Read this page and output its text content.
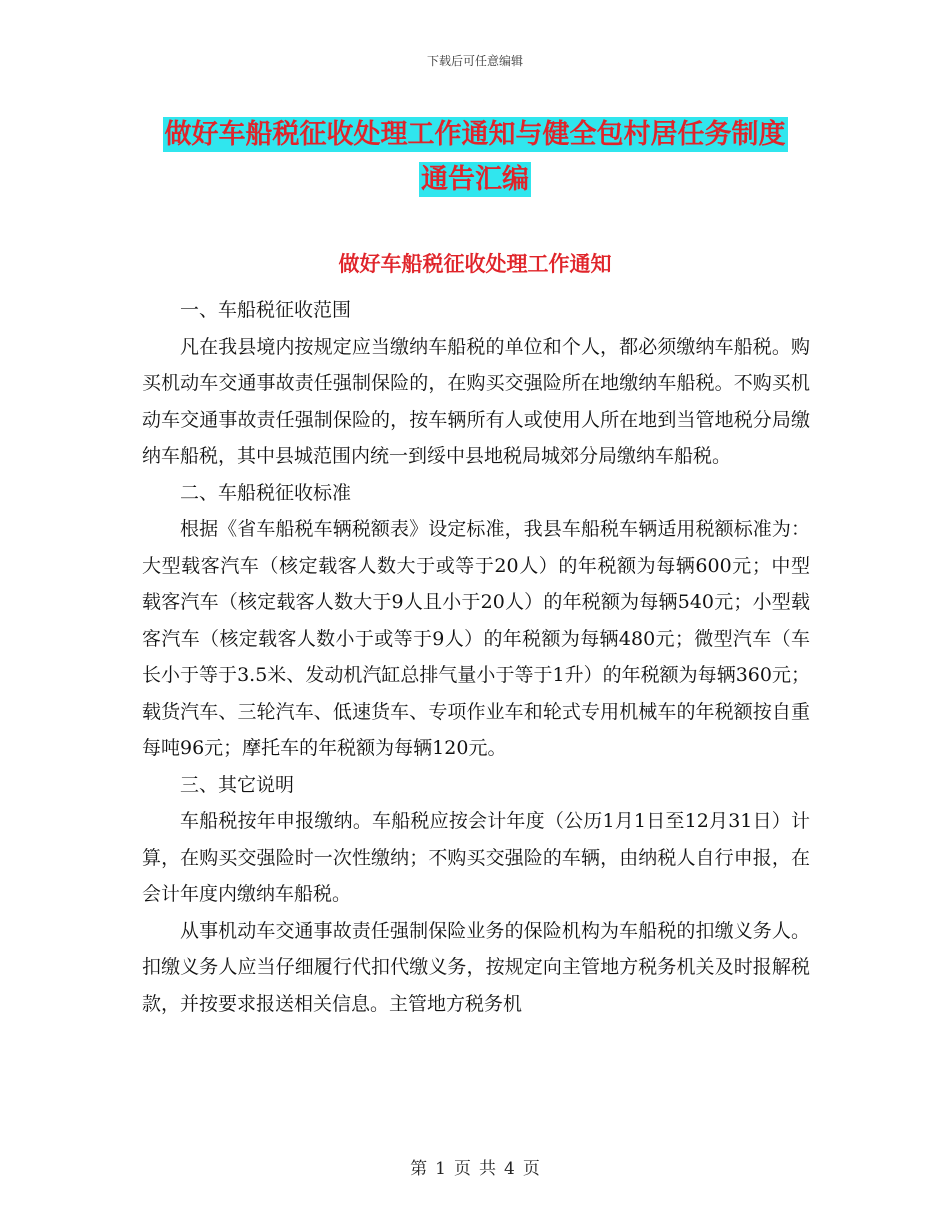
下载后可任意编辑
做好车船税征收处理工作通知与健全包村居任务制度
通告汇编
做好车船税征收处理工作通知

一、车船税征收范围

凡在我县境内按规定应当缴纳车船税的单位和个人，都必须缴纳车船税。购买机动车交通事故责任强制保险的，在购买交强险所在地缴纳车船税。不购买机动车交通事故责任强制保险的，按车辆所有人或使用人所在地到当管地税分局缴纳车船税，其中县城范围内统一到绥中县地税局城郊分局缴纳车船税。

二、车船税征收标准

根据《省车船税车辆税额表》设定标准，我县车船税车辆适用税额标准为：大型载客汽车（核定载客人数大于或等于20人）的年税额为每辆600元；中型载客汽车（核定载客人数大于9人且小于20人）的年税额为每辆540元；小型载客汽车（核定载客人数小于或等于9人）的年税额为每辆480元；微型汽车（车长小于等于3.5米、发动机汽缸总排气量小于等于1升）的年税额为每辆360元；载货汽车、三轮汽车、低速货车、专项作业车和轮式专用机械车的年税额按自重每吨96元；摩托车的年税额为每辆120元。

三、其它说明

车船税按年申报缴纳。车船税应按会计年度（公历1月1日至12月31日）计算，在购买交强险时一次性缴纳；不购买交强险的车辆，由纳税人自行申报，在会计年度内缴纳车船税。

从事机动车交通事故责任强制保险业务的保险机构为车船税的扣缴义务人。扣缴义务人应当仔细履行代扣代缴义务，按规定向主管地方税务机关及时报解税款，并按要求报送相关信息。主管地方税务机

第 1 页 共 4 页
